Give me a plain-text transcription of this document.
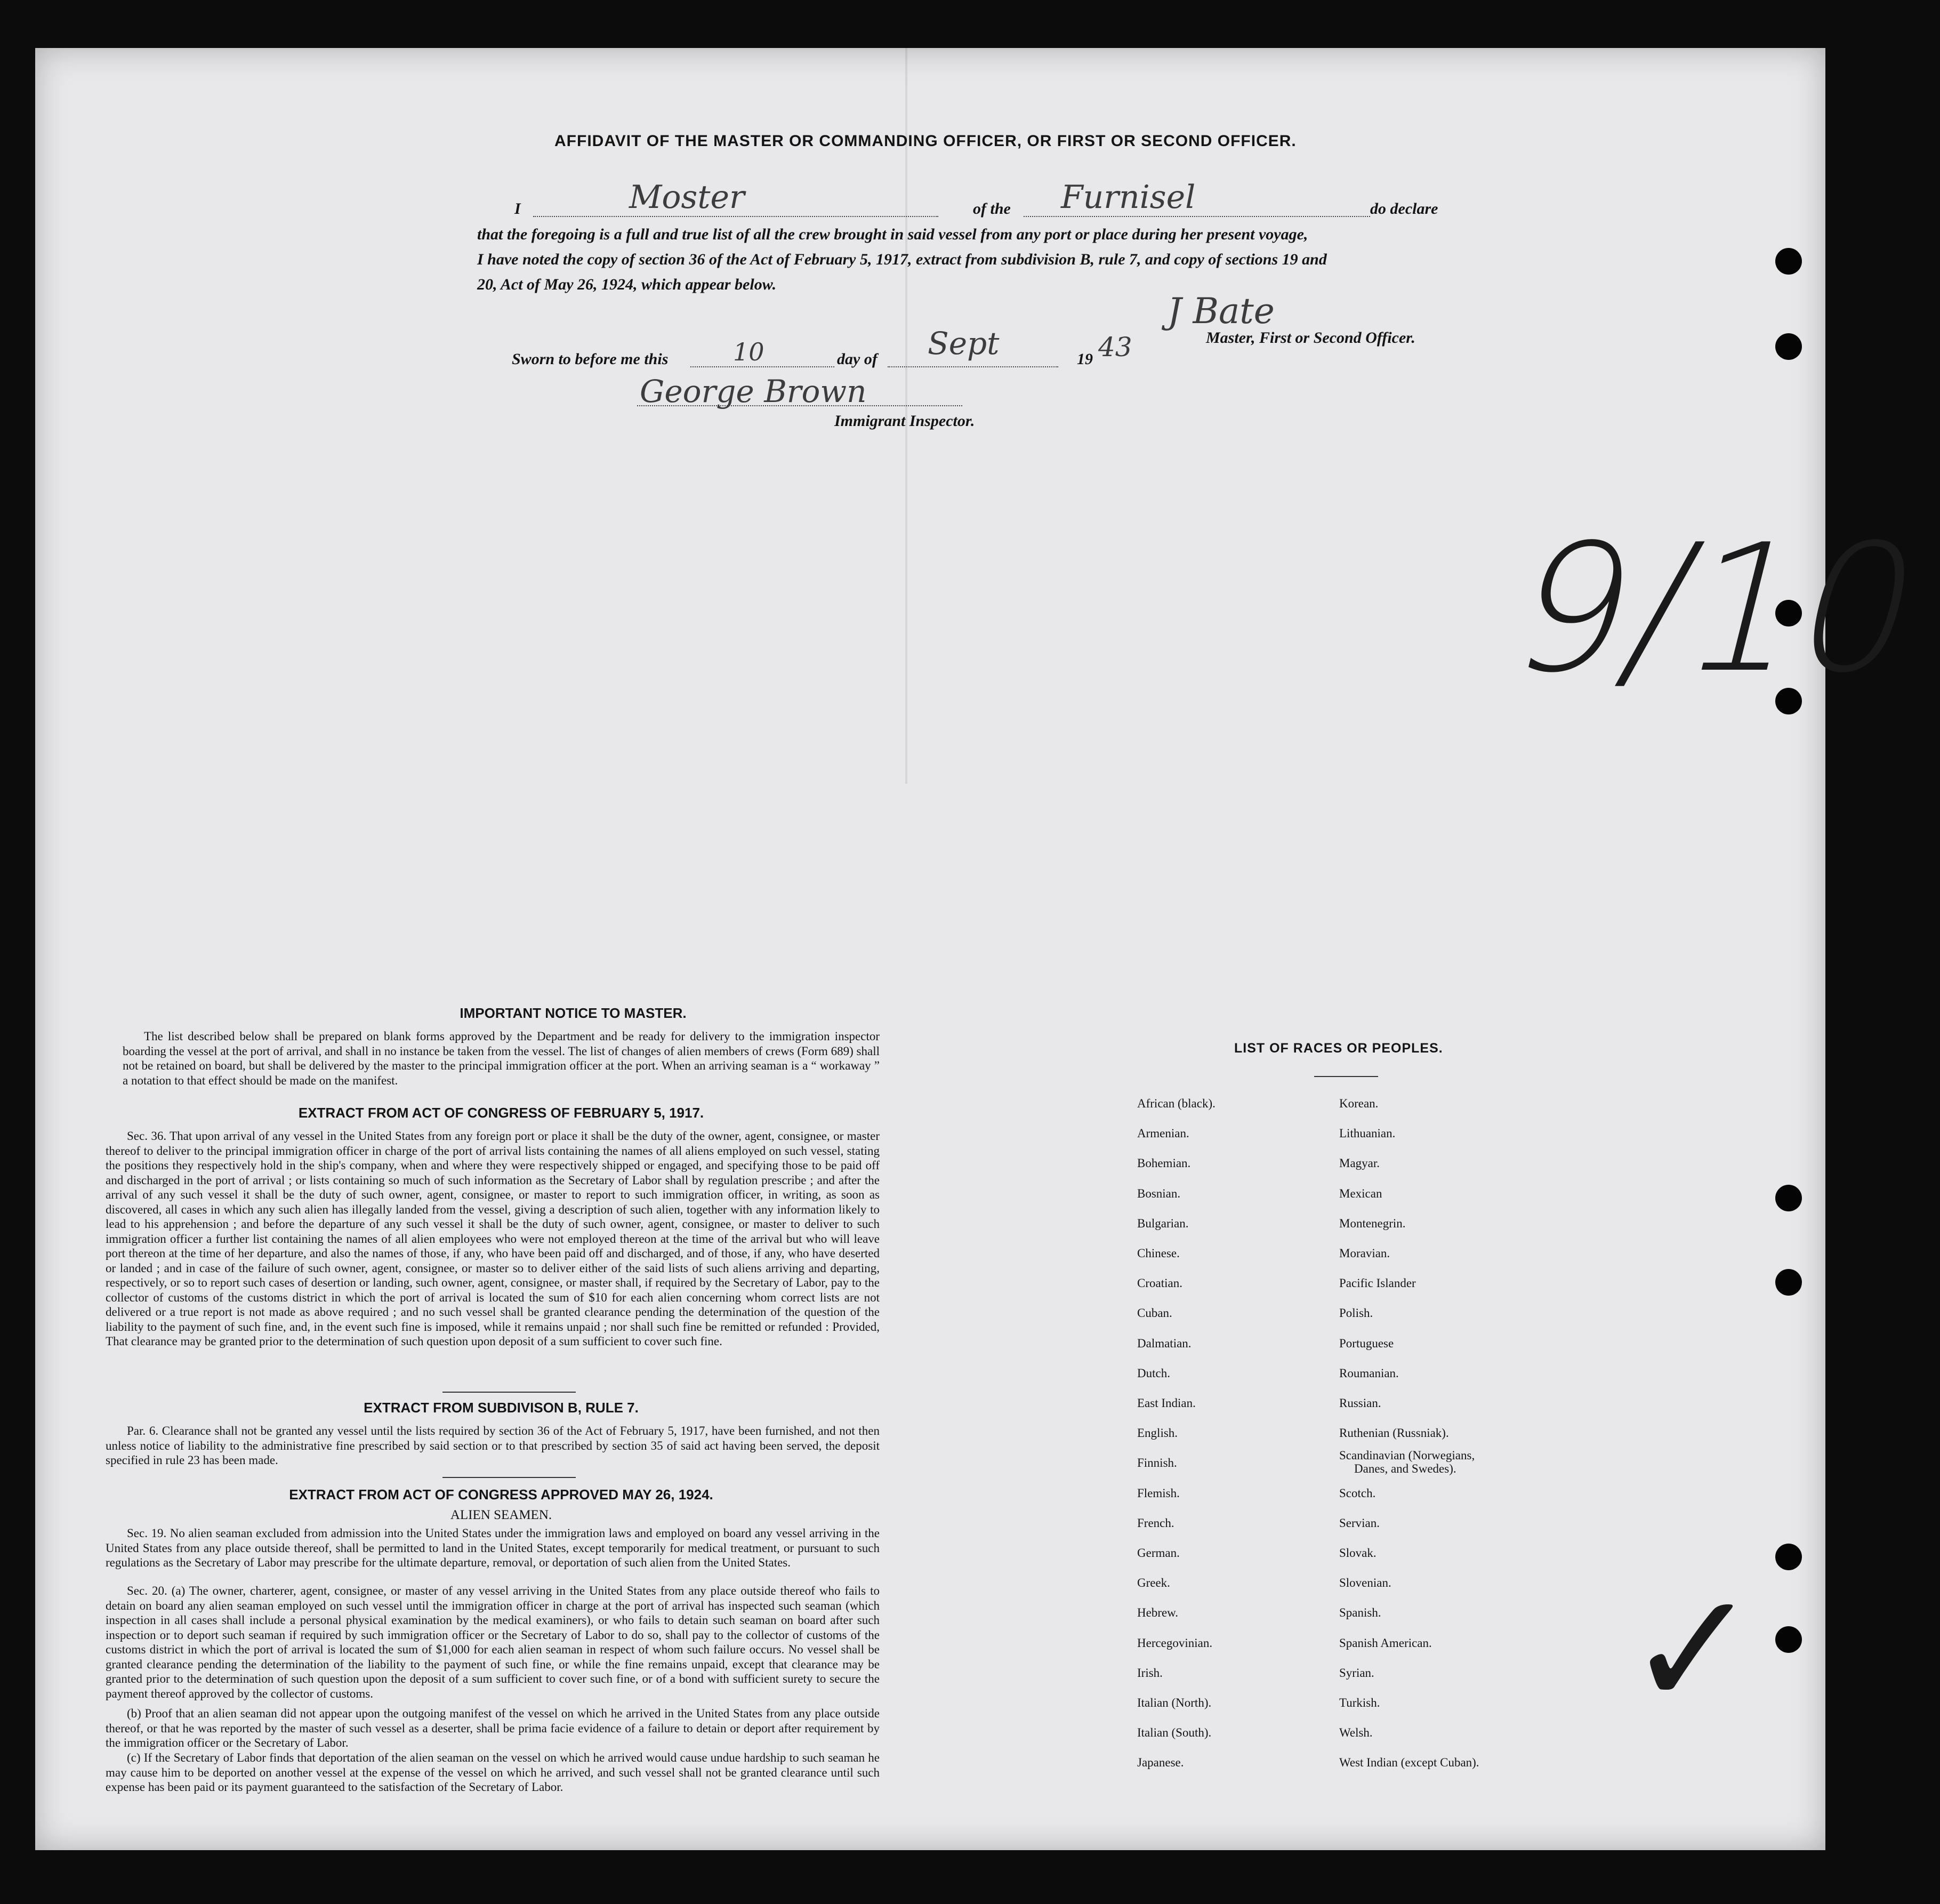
AFFIDAVIT OF THE MASTER OR COMMANDING OFFICER, OR FIRST OR SECOND OFFICER.
I	Moster	of the Furnisel	do declare
that the foregoing is a full and true list of all the crew brought in said vessel from any port or place during her present voyage,
I have noted the copy of section 36 of the Act of February 5, 1917, extract from subdivision B, rule 7, and copy of sections 19 and
20, Act of May 26, 1924, which appear below.
J Bate
Master, First or Second Officer.
Sworn to before me this	10	day of Sept	19 43
George Brown
Immigrant Inspector.
9/10
✓
IMPORTANT NOTICE TO MASTER.
The list described below shall be prepared on blank forms approved by the Department and be ready for delivery to the immigration inspector boarding the vessel at the port of arrival, and shall in no instance be taken from the vessel. The list of changes of alien members of crews (Form 689) shall not be retained on board, but shall be delivered by the master to the principal immigration officer at the port. When an arriving seaman is a “ workaway ” a notation to that effect should be made on the manifest.
EXTRACT FROM ACT OF CONGRESS OF FEBRUARY 5, 1917.
Sec. 36. That upon arrival of any vessel in the United States from any foreign port or place it shall be the duty of the owner, agent, consignee, or master thereof to deliver to the principal immigration officer in charge of the port of arrival lists containing the names of all aliens employed on such vessel, stating the positions they respectively hold in the ship's company, when and where they were respectively shipped or engaged, and specifying those to be paid off and discharged in the port of arrival ; or lists containing so much of such information as the Secretary of Labor shall by regulation prescribe ; and after the arrival of any such vessel it shall be the duty of such owner, agent, consignee, or master to report to such immigration officer, in writing, as soon as discovered, all cases in which any such alien has illegally landed from the vessel, giving a description of such alien, together with any information likely to lead to his apprehension ; and before the departure of any such vessel it shall be the duty of such owner, agent, consignee, or master to deliver to such immigration officer a further list containing the names of all alien employees who were not employed thereon at the time of the arrival but who will leave port thereon at the time of her departure, and also the names of those, if any, who have been paid off and discharged, and of those, if any, who have deserted or landed ; and in case of the failure of such owner, agent, consignee, or master so to deliver either of the said lists of such aliens arriving and departing, respectively, or so to report such cases of desertion or landing, such owner, agent, consignee, or master shall, if required by the Secretary of Labor, pay to the collector of customs of the customs district in which the port of arrival is located the sum of $10 for each alien concerning whom correct lists are not delivered or a true report is not made as above required ; and no such vessel shall be granted clearance pending the determination of the question of the liability to the payment of such fine, and, in the event such fine is imposed, while it remains unpaid ; nor shall such fine be remitted or refunded : Provided, That clearance may be granted prior to the determination of such question upon deposit of a sum sufficient to cover such fine.
EXTRACT FROM SUBDIVISON B, RULE 7.
Par. 6. Clearance shall not be granted any vessel until the lists required by section 36 of the Act of February 5, 1917, have been furnished, and not then unless notice of liability to the administrative fine prescribed by said section or to that prescribed by section 35 of said act having been served, the deposit specified in rule 23 has been made.
EXTRACT FROM ACT OF CONGRESS APPROVED MAY 26, 1924.
ALIEN SEAMEN.
Sec. 19. No alien seaman excluded from admission into the United States under the immigration laws and employed on board any vessel arriving in the United States from any place outside thereof, shall be permitted to land in the United States, except temporarily for medical treatment, or pursuant to such regulations as the Secretary of Labor may prescribe for the ultimate departure, removal, or deportation of such alien from the United States.
Sec. 20. (a) The owner, charterer, agent, consignee, or master of any vessel arriving in the United States from any place outside thereof who fails to detain on board any alien seaman employed on such vessel until the immigration officer in charge at the port of arrival has inspected such seaman (which inspection in all cases shall include a personal physical examination by the medical examiners), or who fails to detain such seaman on board after such inspection or to deport such seaman if required by such immigration officer or the Secretary of Labor to do so, shall pay to the collector of customs of the customs district in which the port of arrival is located the sum of $1,000 for each alien seaman in respect of whom such failure occurs. No vessel shall be granted clearance pending the determination of the liability to the payment of such fine, or while the fine remains unpaid, except that clearance may be granted prior to the determination of such question upon the deposit of a sum sufficient to cover such fine, or of a bond with sufficient surety to secure the payment thereof approved by the collector of customs.
(b) Proof that an alien seaman did not appear upon the outgoing manifest of the vessel on which he arrived in the United States from any place outside thereof, or that he was reported by the master of such vessel as a deserter, shall be prima facie evidence of a failure to detain or deport after requirement by the immigration officer or the Secretary of Labor.
(c) If the Secretary of Labor finds that deportation of the alien seaman on the vessel on which he arrived would cause undue hardship to such seaman he may cause him to be deported on another vessel at the expense of the vessel on which he arrived, and such vessel shall not be granted clearance until such expense has been paid or its payment guaranteed to the satisfaction of the Secretary of Labor.
LIST OF RACES OR PEOPLES.
African (black).
Armenian.
Bohemian.
Bosnian.
Bulgarian.
Chinese.
Croatian.
Cuban.
Dalmatian.
Dutch.
East Indian.
English.
Finnish.
Flemish.
French.
German.
Greek.
Hebrew.
Hercegovinian.
Irish.
Italian (North).
Italian (South).
Japanese.
Korean.
Lithuanian.
Magyar.
Mexican
Montenegrin.
Moravian.
Pacific Islander
Polish.
Portuguese
Roumanian.
Russian.
Ruthenian (Russniak).
Scandinavian (Norwegians,
Scotch.
Servian.
Slovak.
Slovenian.
Spanish.
Spanish American.
Syrian.
Turkish.
Welsh.
West Indian (except Cuban).
Danes, and Swedes).
